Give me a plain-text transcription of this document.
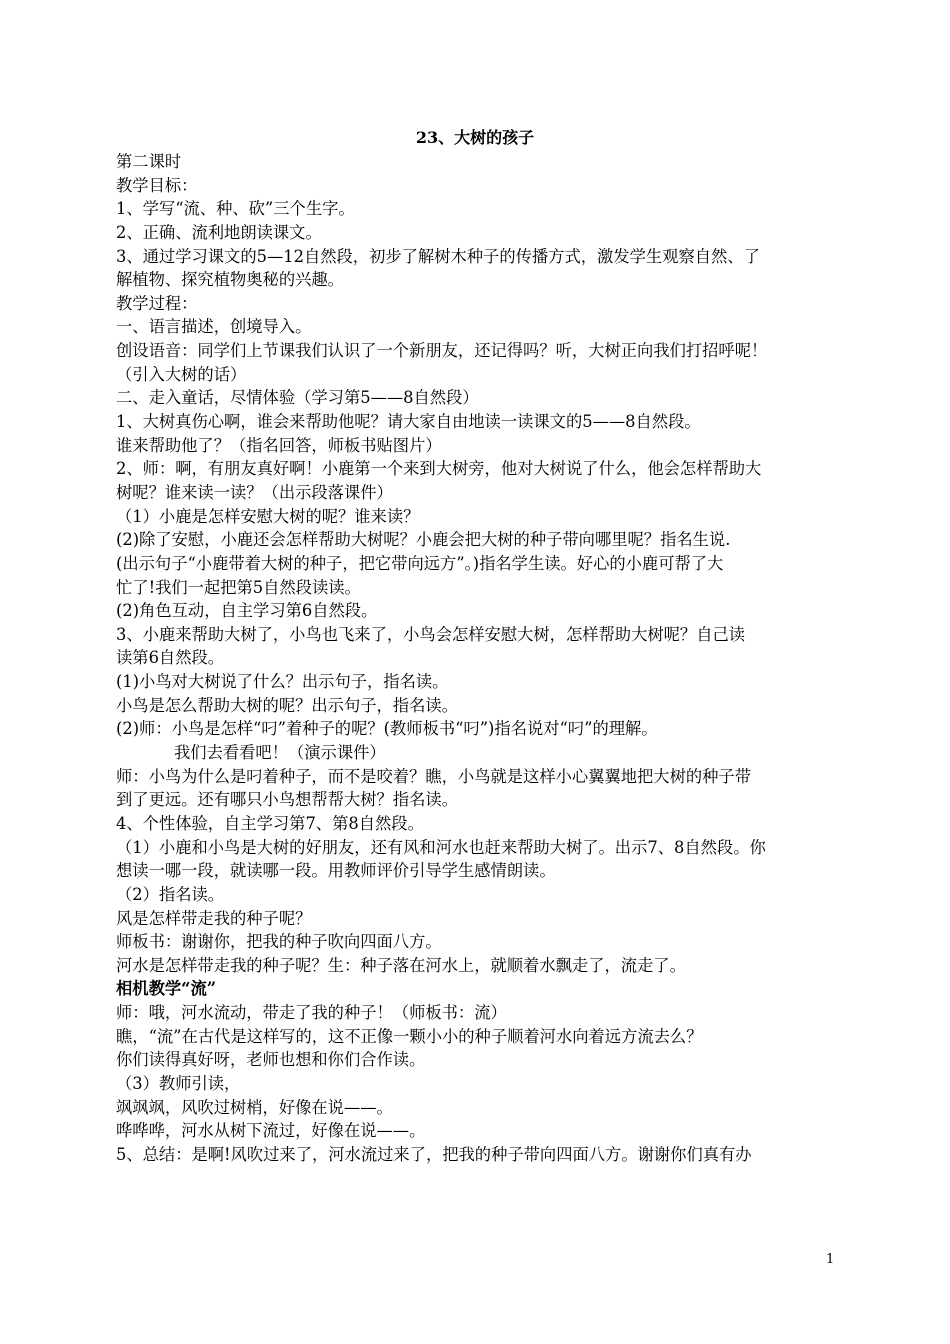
23、大树的孩子
第二课时
教学目标：
1、学写“流、种、砍”三个生字。
2、正确、流利地朗读课文。
3、通过学习课文的5—12自然段，初步了解树木种子的传播方式，激发学生观察自然、了
解植物、探究植物奥秘的兴趣。
教学过程：
一、语言描述，创境导入。
创设语音：同学们上节课我们认识了一个新朋友，还记得吗？听，大树正向我们打招呼呢！
（引入大树的话）
二、走入童话，尽情体验（学习第5——8自然段）
1、大树真伤心啊，谁会来帮助他呢？请大家自由地读一读课文的5——8自然段。
谁来帮助他了？（指名回答，师板书贴图片）
2、师：啊，有朋友真好啊！小鹿第一个来到大树旁，他对大树说了什么，他会怎样帮助大
树呢？谁来读一读？（出示段落课件）
（1）小鹿是怎样安慰大树的呢？谁来读？
(2)除了安慰，小鹿还会怎样帮助大树呢？小鹿会把大树的种子带向哪里呢？指名生说.
(出示句子“小鹿带着大树的种子，把它带向远方”。)指名学生读。好心的小鹿可帮了大
忙了!我们一起把第5自然段读读。
(2)角色互动，自主学习第6自然段。
3、小鹿来帮助大树了，小鸟也飞来了，小鸟会怎样安慰大树，怎样帮助大树呢？自己读
读第6自然段。
(1)小鸟对大树说了什么？出示句子，指名读。
小鸟是怎么帮助大树的呢？出示句子，指名读。
(2)师：小鸟是怎样“叼”着种子的呢？(教师板书“叼”)指名说对“叼”的理解。
我们去看看吧！（演示课件）
师：小鸟为什么是叼着种子，而不是咬着？瞧，小鸟就是这样小心翼翼地把大树的种子带
到了更远。还有哪只小鸟想帮帮大树？指名读。
4、个性体验，自主学习第7、第8自然段。
（1）小鹿和小鸟是大树的好朋友，还有风和河水也赶来帮助大树了。出示7、8自然段。你
想读一哪一段，就读哪一段。用教师评价引导学生感情朗读。
（2）指名读。
风是怎样带走我的种子呢？
师板书：谢谢你，把我的种子吹向四面八方。
河水是怎样带走我的种子呢？生：种子落在河水上，就顺着水飘走了，流走了。
相机教学“流”
师：哦，河水流动，带走了我的种子！（师板书：流）
瞧，“流”在古代是这样写的，这不正像一颗小小的种子顺着河水向着远方流去么？
你们读得真好呀，老师也想和你们合作读。
（3）教师引读，
飒飒飒，风吹过树梢，好像在说——。
哗哗哗，河水从树下流过，好像在说——。
5、总结：是啊!风吹过来了，河水流过来了，把我的种子带向四面八方。谢谢你们真有办
1
